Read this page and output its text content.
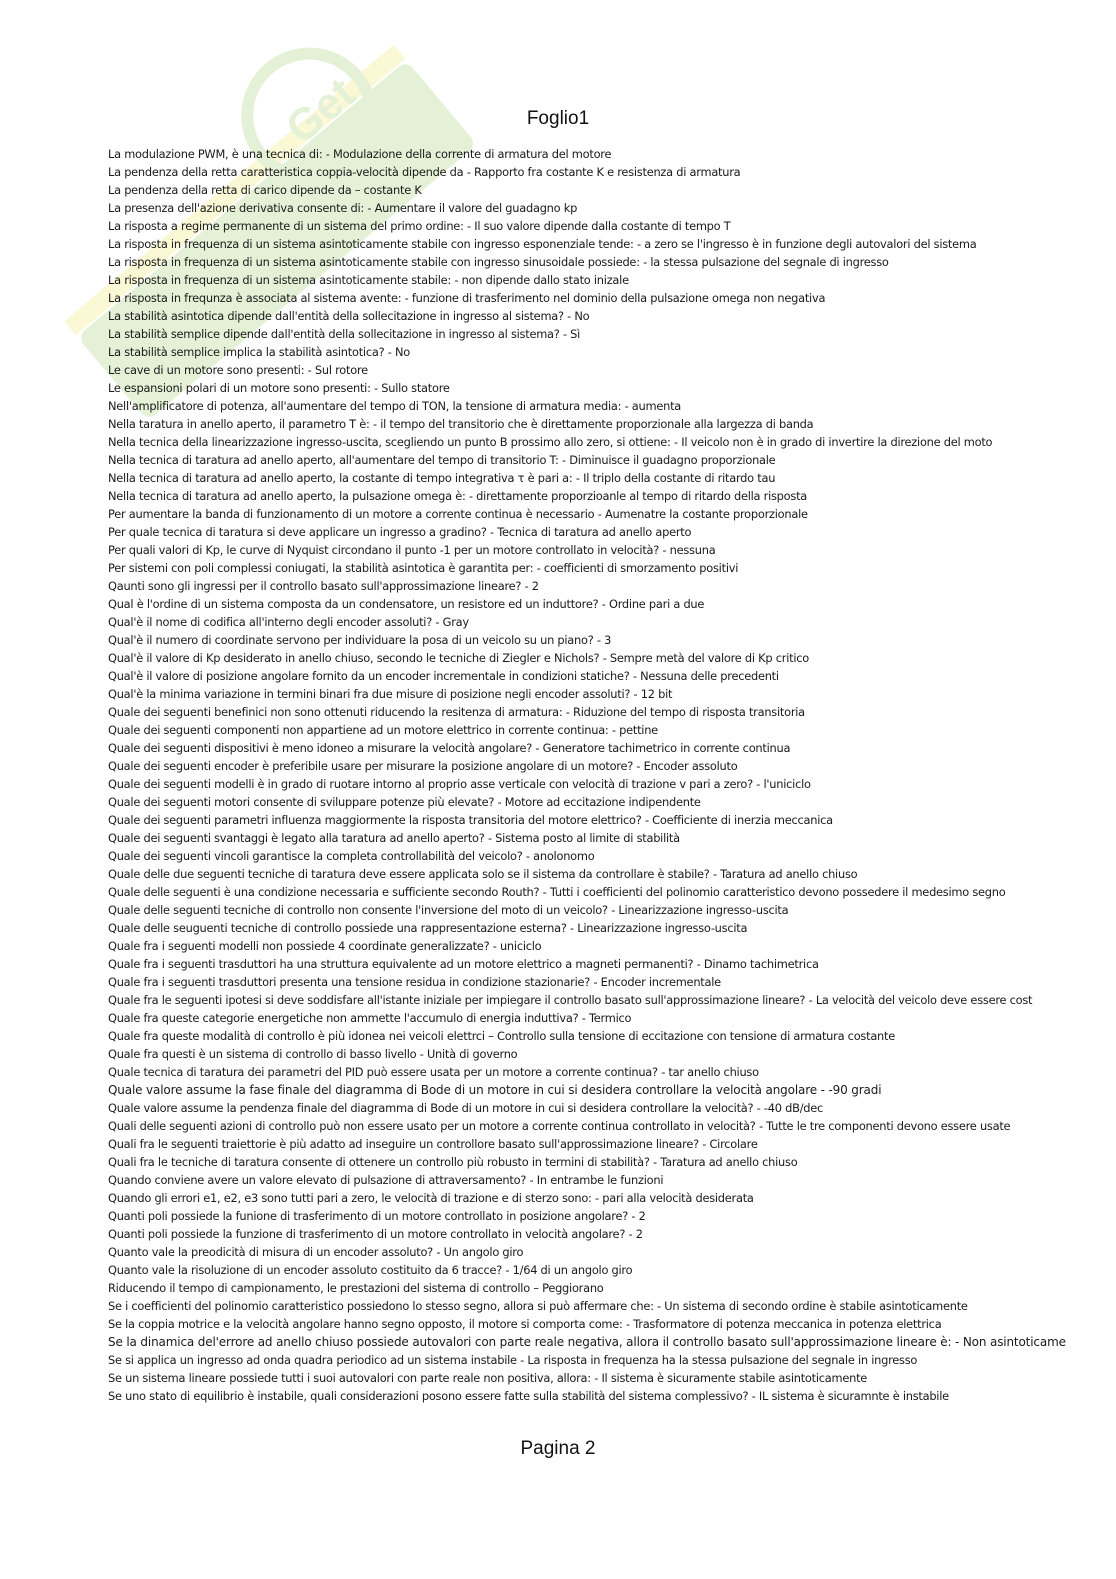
Get	Foglio1
La modulazione PWM, è una tecnica di: - Modulazione della corrente di armatura del motore
La pendenza della retta caratteristica coppia-velocità dipende da - Rapporto fra costante K e resistenza di armatura
La pendenza della retta di carico dipende da – costante K
La presenza dell'azione derivativa consente di: - Aumentare il valore del guadagno kp
La risposta a regime permanente di un sistema del primo ordine: - Il suo valore dipende dalla costante di tempo T
La risposta in frequenza di un sistema asintoticamente stabile con ingresso esponenziale tende: - a zero se l'ingresso è in funzione degli autovalori del sistema
La risposta in frequenza di un sistema asintoticamente stabile con ingresso sinusoidale possiede: - la stessa pulsazione del segnale di ingresso
La risposta in frequenza di un sistema asintoticamente stabile: - non dipende dallo stato inizale
La risposta in frequnza è associata al sistema avente: - funzione di trasferimento nel dominio della pulsazione omega non negativa
La stabilità asintotica dipende dall'entità della sollecitazione in ingresso al sistema? - No
La stabilità semplice dipende dall'entità della sollecitazione in ingresso al sistema? - Sì
La stabilità semplice implica la stabilità asintotica? - No
Le cave di un motore sono presenti: - Sul rotore
Le espansioni polari di un motore sono presenti: - Sullo statore
Nell'amplificatore di potenza, all'aumentare del tempo di TON, la tensione di armatura media: - aumenta
Nella taratura in anello aperto, il parametro T è: - il tempo del transitorio che è direttamente proporzionale alla largezza di banda
Nella tecnica della linearizzazione ingresso-uscita, scegliendo un punto B prossimo allo zero, si ottiene: - Il veicolo non è in grado di invertire la direzione del moto
Nella tecnica di taratura ad anello aperto, all'aumentare del tempo di transitorio T: - Diminuisce il guadagno proporzionale
Nella tecnica di taratura ad anello aperto, la costante di tempo integrativa τ è pari a: - Il triplo della costante di ritardo tau
Nella tecnica di taratura ad anello aperto, la pulsazione omega è: - direttamente proporzioanle al tempo di ritardo della risposta
Per aumentare la banda di funzionamento di un motore a corrente continua è necessario - Aumenatre la costante proporzionale
Per quale tecnica di taratura si deve applicare un ingresso a gradino? - Tecnica di taratura ad anello aperto
Per quali valori di Kp, le curve di Nyquist circondano il punto -1 per un motore controllato in velocità? - nessuna
Per sistemi con poli complessi coniugati, la stabilità asintotica è garantita per: - coefficienti di smorzamento positivi
Qaunti sono gli ingressi per il controllo basato sull'approssimazione lineare? - 2
Qual è l'ordine di un sistema composta da un condensatore, un resistore ed un induttore? - Ordine pari a due
Qual'è il nome di codifica all'interno degli encoder assoluti? - Gray
Qual'è il numero di coordinate servono per individuare la posa di un veicolo su un piano? - 3
Qual'è il valore di Kp desiderato in anello chiuso, secondo le tecniche di Ziegler e Nichols? - Sempre metà del valore di Kp critico
Qual'è il valore di posizione angolare fornito da un encoder incrementale in condizioni statiche? - Nessuna delle precedenti
Qual'è la minima variazione in termini binari fra due misure di posizione negli encoder assoluti? - 12 bit
Quale dei seguenti benefinici non sono ottenuti riducendo la resitenza di armatura: - Riduzione del tempo di risposta transitoria
Quale dei seguenti componenti non appartiene ad un motore elettrico in corrente continua: - pettine
Quale dei seguenti dispositivi è meno idoneo a misurare la velocità angolare? - Generatore tachimetrico in corrente continua
Quale dei seguenti encoder è preferibile usare per misurare la posizione angolare di un motore? - Encoder assoluto
Quale dei seguenti modelli è in grado di ruotare intorno al proprio asse verticale con velocità di trazione v pari a zero? - l'uniciclo
Quale dei seguenti motori consente di sviluppare potenze più elevate? - Motore ad eccitazione indipendente
Quale dei seguenti parametri influenza maggiormente la risposta transitoria del motore elettrico? - Coefficiente di inerzia meccanica
Quale dei seguenti svantaggi è legato alla taratura ad anello aperto? - Sistema posto al limite di stabilità
Quale dei seguenti vincoli garantisce la completa controllabilità del veicolo? - anolonomo
Quale delle due seguenti tecniche di taratura deve essere applicata solo se il sistema da controllare è stabile? - Taratura ad anello chiuso
Quale delle seguenti è una condizione necessaria e sufficiente secondo Routh? - Tutti i coefficienti del polinomio caratteristico devono possedere il medesimo segno
Quale delle seguenti tecniche di controllo non consente l'inversione del moto di un veicolo? - Linearizzazione ingresso-uscita
Quale delle seuguenti tecniche di controllo possiede una rappresentazione esterna? - Linearizzazione ingresso-uscita
Quale fra i seguenti modelli non possiede 4 coordinate generalizzate? - uniciclo
Quale fra i seguenti trasduttori ha una struttura equivalente ad un motore elettrico a magneti permanenti? - Dinamo tachimetrica
Quale fra i seguenti trasduttori presenta una tensione residua in condizione stazionarie? - Encoder incrementale
Quale fra le seguenti ipotesi si deve soddisfare all'istante iniziale per impiegare il controllo basato sull'approssimazione lineare? - La velocità del veicolo deve essere cost
Quale fra queste categorie energetiche non ammette l'accumulo di energia induttiva? - Termico
Quale fra queste modalità di controllo è più idonea nei veicoli elettrci – Controllo sulla tensione di eccitazione con tensione di armatura costante
Quale fra questi è un sistema di controllo di basso livello - Unità di governo
Quale tecnica di taratura dei parametri del PID può essere usata per un motore a corrente continua? - tar anello chiuso
Quale valore assume la fase finale del diagramma di Bode di un motore in cui si desidera controllare la velocità angolare - -90 gradi
Quale valore assume la pendenza finale del diagramma di Bode di un motore in cui si desidera controllare la velocità? - -40 dB/dec
Quali delle seguenti azioni di controllo può non essere usato per un motore a corrente continua controllato in velocità? - Tutte le tre componenti devono essere usate
Quali fra le seguenti traiettorie è più adatto ad inseguire un controllore basato sull'approssimazione lineare? - Circolare
Quali fra le tecniche di taratura consente di ottenere un controllo più robusto in termini di stabilità? - Taratura ad anello chiuso
Quando conviene avere un valore elevato di pulsazione di attraversamento? - In entrambe le funzioni
Quando gli errori e1, e2, e3 sono tutti pari a zero, le velocità di trazione e di sterzo sono: - pari alla velocità desiderata
Quanti poli possiede la funione di trasferimento di un motore controllato in posizione angolare? - 2
Quanti poli possiede la funzione di trasferimento di un motore controllato in velocità angolare? - 2
Quanto vale la preodicità di misura di un encoder assoluto? - Un angolo giro
Quanto vale la risoluzione di un encoder assoluto costituito da 6 tracce? - 1/64 di un angolo giro
Riducendo il tempo di campionamento, le prestazioni del sistema di controllo – Peggiorano
Se i coefficienti del polinomio caratteristico possiedono lo stesso segno, allora si può affermare che: - Un sistema di secondo ordine è stabile asintoticamente
Se la coppia motrice e la velocità angolare hanno segno opposto, il motore si comporta come: - Trasformatore di potenza meccanica in potenza elettrica
Se la dinamica del'errore ad anello chiuso possiede autovalori con parte reale negativa, allora il controllo basato sull'approssimazione lineare è: - Non asintoticame
Se si applica un ingresso ad onda quadra periodico ad un sistema instabile - La risposta in frequenza ha la stessa pulsazione del segnale in ingresso
Se un sistema lineare possiede tutti i suoi autovalori con parte reale non positiva, allora: - Il sistema è sicuramente stabile asintoticamente
Se uno stato di equilibrio è instabile, quali considerazioni posono essere fatte sulla stabilità del sistema complessivo? - IL sistema è sicuramnte è instabile
Pagina 2
